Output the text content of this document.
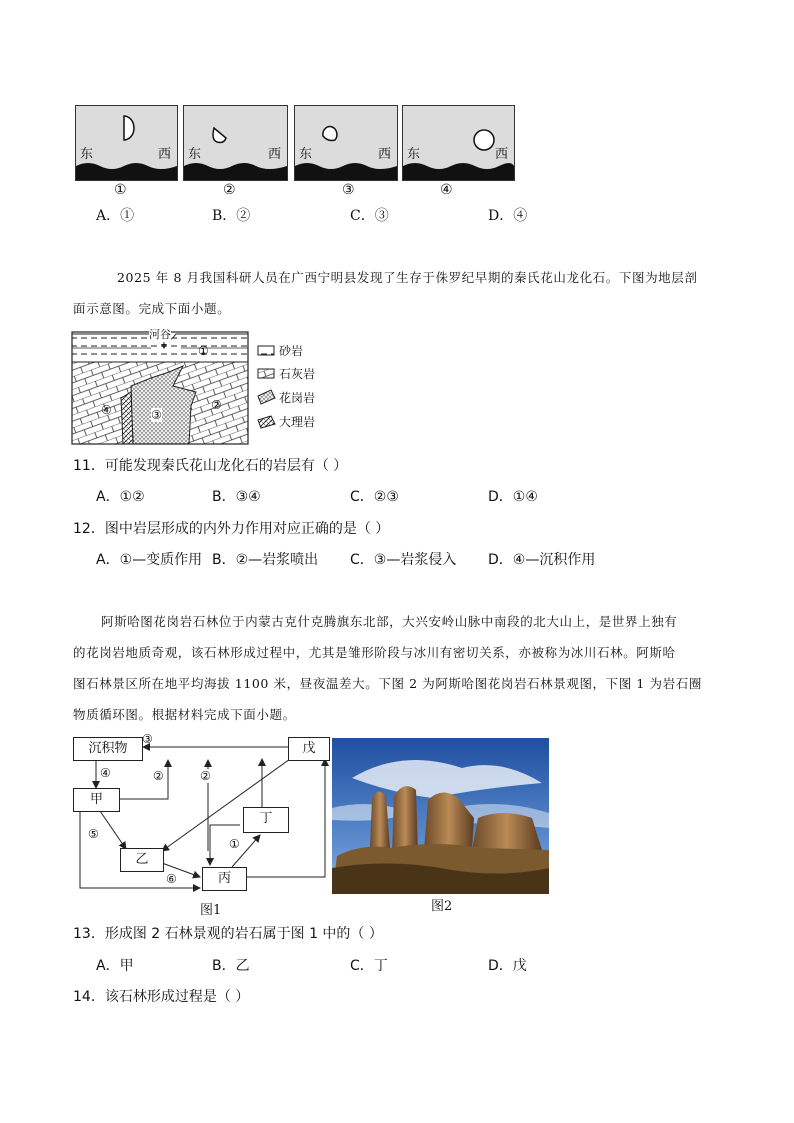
东	西 东	西 东	西 东	西
①	②	③	④
A．①	B．②	C．③	D．④
2025 年 8 月我国科研人员在广西宁明县发现了生存于侏罗纪早期的秦氏花山龙化石。下图为地层剖
面示意图。完成下面小题。
河谷
①
②
③
④
砂岩
石灰岩
花岗岩
大理岩
11．可能发现秦氏花山龙化石的岩层有（ ）
A．①②	B．③④	C．②③	D．①④
12．图中岩层形成的内外力作用对应正确的是（ ）
A．①—变质作用 B．②—岩浆喷出 C．③—岩浆侵入 D．④—沉积作用
阿斯哈图花岗岩石林位于内蒙古克什克腾旗东北部，大兴安岭山脉中南段的北大山上，是世界上独有
的花岗岩地质奇观，该石林形成过程中，尤其是雏形阶段与冰川有密切关系，亦被称为冰川石林。阿斯哈
图石林景区所在地平均海拔 1100 米，昼夜温差大。下图 2 为阿斯哈图花岗岩石林景观图，下图 1 为岩石圈
物质循环图。根据材料完成下面小题。
沉积物
甲
乙
丙
丁
戊
③
④	②	②
⑤
⑥
①
图1	图2
13．形成图 2 石林景观的岩石属于图 1 中的（ ）
A．甲	B．乙	C．丁	D．戊
14．该石林形成过程是（ ）
